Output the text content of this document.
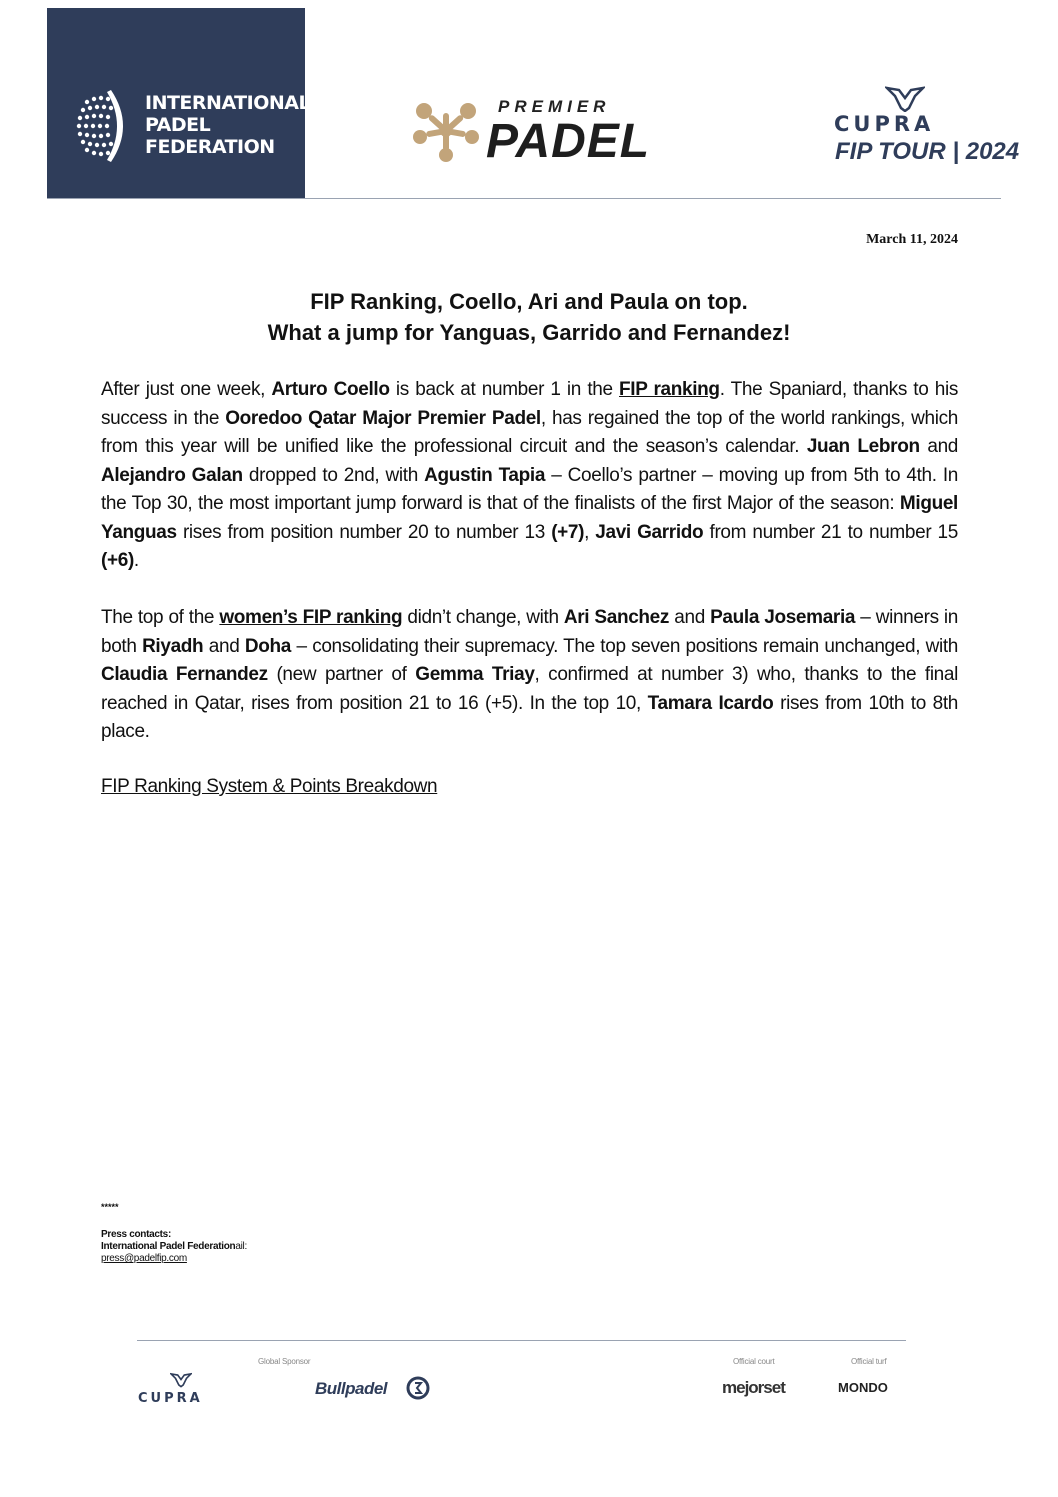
INTERNATIONAL
PADEL
FEDERATION
PREMIER
PADEL	CUPRA
FIP TOUR | 2024
March 11, 2024
FIP Ranking, Coello, Ari and Paula on top.
What a jump for Yanguas, Garrido and Fernandez!
After just one week, Arturo Coello is back at number 1 in the FIP ranking. The Spaniard, thanks to his success in the Ooredoo Qatar Major Premier Padel, has regained the top of the world rankings, which from this year will be unified like the professional circuit and the season’s calendar. Juan Lebron and Alejandro Galan dropped to 2nd, with Agustin Tapia – Coello’s partner – moving up from 5th to 4th. In the Top 30, the most important jump forward is that of the finalists of the first Major of the season: Miguel Yanguas rises from position number 20 to number 13 (+7), Javi Garrido from number 21 to number 15 (+6).
The top of the women’s FIP ranking didn’t change, with Ari Sanchez and Paula Josemaria – winners in both Riyadh and Doha – consolidating their supremacy. The top seven positions remain unchanged, with Claudia Fernandez (new partner of Gemma Triay, confirmed at number 3) who, thanks to the final reached in Qatar, rises from position 21 to 16 (+5). In the top 10, Tamara Icardo rises from 10th to 8th place.
FIP Ranking System & Points Breakdown
*****
Press contacts:
International Padel Federationail:
press@padelfip.com
CUPRA
Global Sponsor
Bullpadel
Official court
mejorset
Official turf
MONDO
